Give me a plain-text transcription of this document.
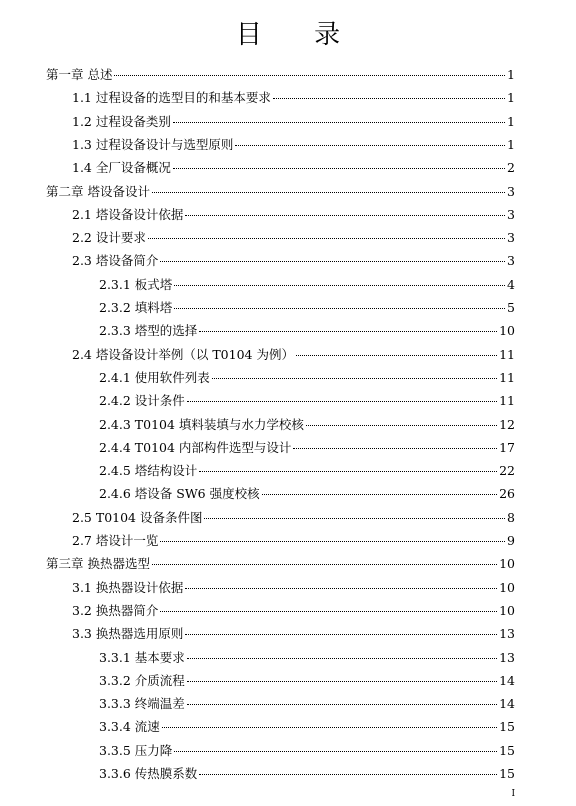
目 录
第一章 总述	1
1.1 过程设备的选型目的和基本要求	1
1.2 过程设备类别	1
1.3 过程设备设计与选型原则	1
1.4 全厂设备概况	2
第二章 塔设备设计	3
2.1 塔设备设计依据	3
2.2 设计要求	3
2.3 塔设备简介	3
2.3.1 板式塔	4
2.3.2 填料塔	5
2.3.3 塔型的选择	10
2.4 塔设备设计举例（以 T0104 为例）	11
2.4.1 使用软件列表	11
2.4.2 设计条件	11
2.4.3 T0104 填料装填与水力学校核	12
2.4.4 T0104 内部构件选型与设计	17
2.4.5 塔结构设计	22
2.4.6 塔设备 SW6 强度校核	26
2.5 T0104 设备条件图	8
2.7 塔设计一览	9
第三章 换热器选型	10
3.1 换热器设计依据	10
3.2 换热器简介	10
3.3 换热器选用原则	13
3.3.1 基本要求	13
3.3.2 介质流程	14
3.3.3 终端温差	14
3.3.4 流速	15
3.3.5 压力降	15
3.3.6 传热膜系数	15
I
